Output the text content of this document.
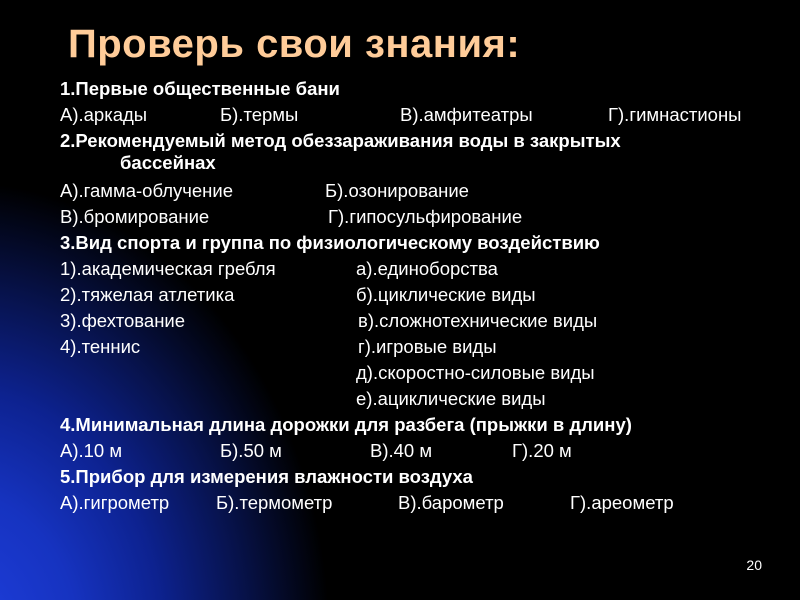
Проверь свои знания:
1.Первые общественные бани
А).аркады	Б).термы	В).амфитеатры	Г).гимнастионы
2.Рекомендуемый метод обеззараживания воды в закрытых
бассейнах
А).гамма-облучение	Б).озонирование
В).бромирование	Г).гипосульфирование
3.Вид спорта и группа по физиологическому воздействию
1).академическая гребля	а).единоборства
2).тяжелая атлетика	б).циклические виды
3).фехтование	в).сложнотехнические виды
4).теннис	г).игровые виды
д).скоростно-силовые виды
е).ациклические виды
4.Минимальная длина дорожки для разбега (прыжки в длину)
А).10 м	Б).50 м	В).40 м	Г).20 м
5.Прибор для измерения влажности воздуха
А).гигрометр	Б).термометр	В).барометр	Г).ареометр
20
